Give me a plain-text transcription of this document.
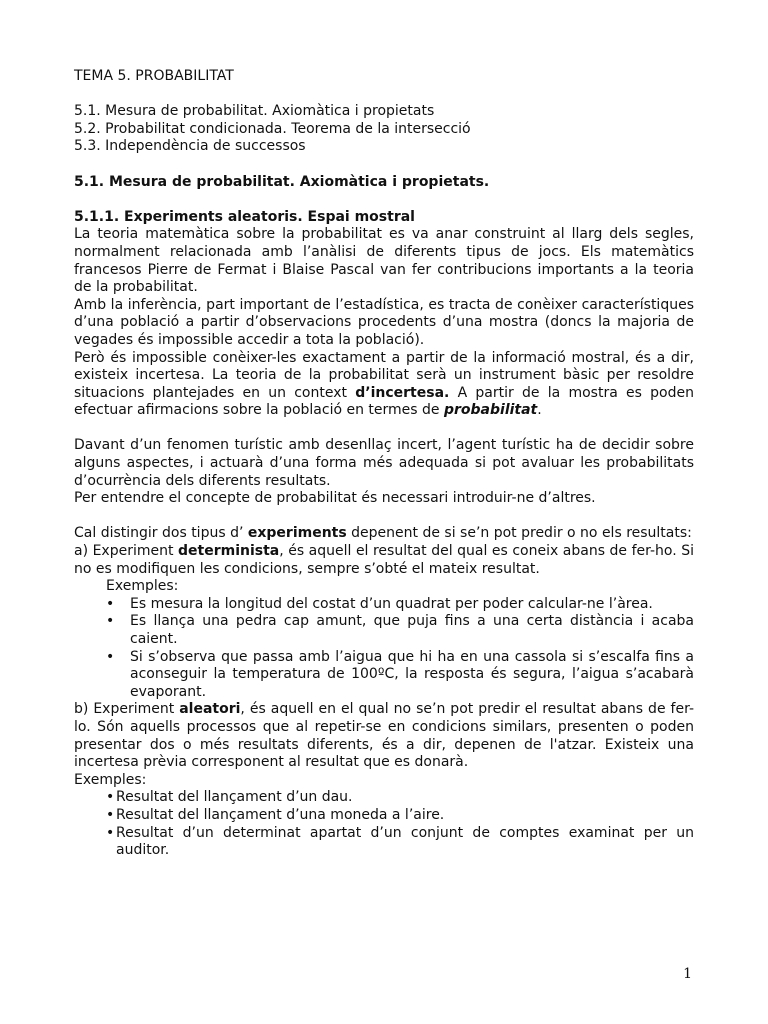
TEMA 5. PROBABILITAT

5.1. Mesura de probabilitat. Axiomàtica i propietats
5.2. Probabilitat condicionada. Teorema de la intersecció
5.3. Independència de successos

5.1. Mesura de probabilitat. Axiomàtica i propietats.

5.1.1. Experiments aleatoris. Espai mostral

La teoria matemàtica sobre la probabilitat es va anar construint al llarg dels segles, normalment relacionada amb l’anàlisi de diferents tipus de jocs. Els matemàtics francesos Pierre de Fermat i Blaise Pascal van fer contribucions importants a la teoria de la probabilitat.

Amb la inferència, part important de l’estadística, es tracta de conèixer característiques d’una població a partir d’observacions procedents d’una mostra (doncs la majoria de vegades és impossible accedir a tota la població).

Però és impossible conèixer-les exactament a partir de la informació mostral, és a dir, existeix incertesa. La teoria de la probabilitat serà un instrument bàsic per resoldre situacions plantejades en un context d’incertesa. A partir de la mostra es poden efectuar afirmacions sobre la població en termes de probabilitat.

Davant d’un fenomen turístic amb desenllaç incert, l’agent turístic ha de decidir sobre alguns aspectes, i actuarà d’una forma més adequada si pot avaluar les probabilitats d’ocurrència dels diferents resultats.

Per entendre el concepte de probabilitat és necessari introduir-ne d’altres.

Cal distingir dos tipus d’ experiments depenent de si se’n pot predir o no els resultats:

a) Experiment determinista, és aquell el resultat del qual es coneix abans de fer-ho. Si no es modifiquen les condicions, sempre s’obté el mateix resultat.

Exemples:
• Es mesura la longitud del costat d’un quadrat per poder calcular-ne l’àrea.
• Es llança una pedra cap amunt, que puja fins a una certa distància i acaba caient.
• Si s’observa que passa amb l’aigua que hi ha en una cassola si s’escalfa fins a aconseguir la temperatura de 100ºC, la resposta és segura, l’aigua s’acabarà evaporant.

b) Experiment aleatori, és aquell en el qual no se’n pot predir el resultat abans de fer-lo. Són aquells processos que al repetir-se en condicions similars, presenten o poden presentar dos o més resultats diferents, és a dir, depenen de l'atzar. Existeix una incertesa prèvia corresponent al resultat que es donarà.

Exemples:
• Resultat del llançament d’un dau.
• Resultat del llançament d’una moneda a l’aire.
• Resultat d’un determinat apartat d’un conjunt de comptes examinat per un auditor.
1
